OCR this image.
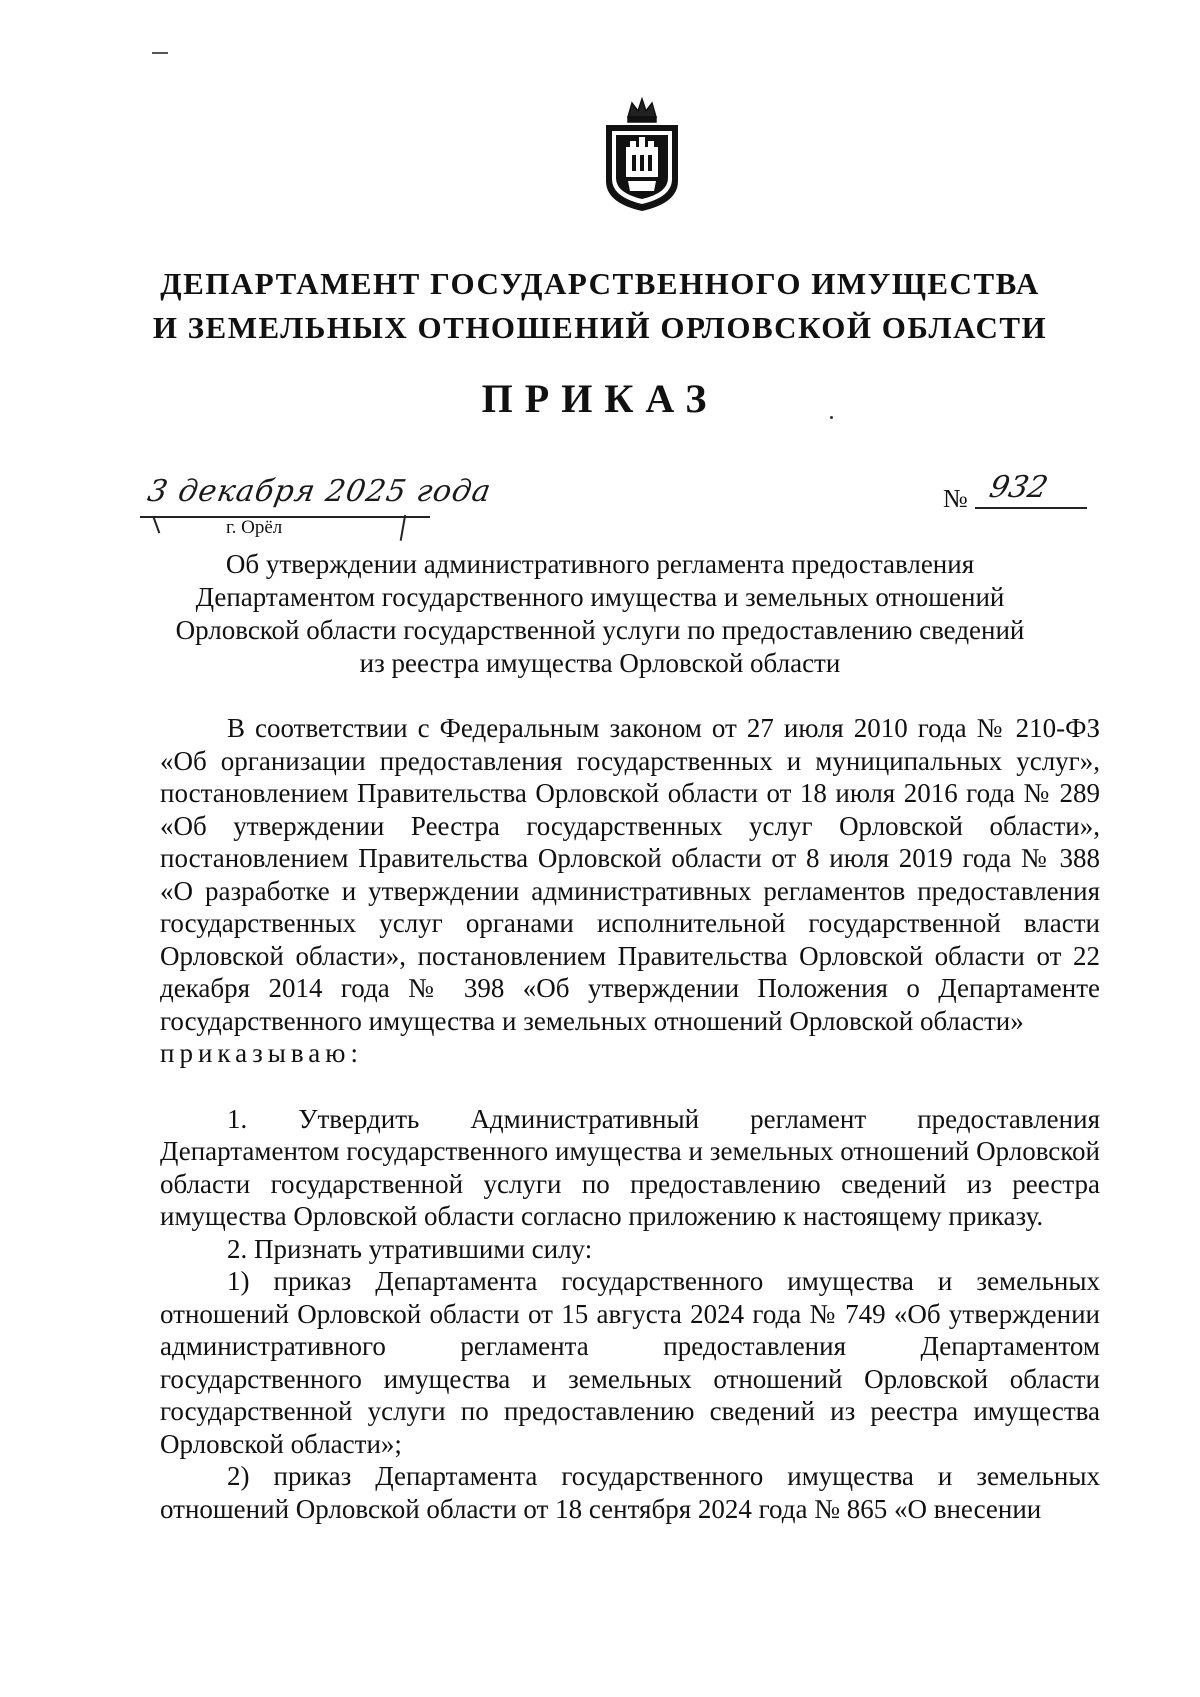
ДЕПАРТАМЕНТ ГОСУДАРСТВЕННОГО ИМУЩЕСТВА
И ЗЕМЕЛЬНЫХ ОТНОШЕНИЙ ОРЛОВСКОЙ ОБЛАСТИ
ПРИКАЗ
3 декабря 2025 года
г. Орёл
№ 932
Об утверждении административного регламента предоставления
Департаментом государственного имущества и земельных отношений
Орловской области государственной услуги по предоставлению сведений
из реестра имущества Орловской области

В соответствии с Федеральным законом от 27 июля 2010 года № 210-ФЗ «Об организации предоставления государственных и муниципальных услуг», постановлением Правительства Орловской области от 18 июля 2016 года № 289 «Об утверждении Реестра государственных услуг Орловской области», постановлением Правительства Орловской области от 8 июля 2019 года № 388 «О разработке и утверждении административных регламентов предоставления государственных услуг органами исполнительной государственной власти Орловской области», постановлением Правительства Орловской области от 22 декабря 2014 года № 398 «Об утверждении Положения о Департаменте государственного имущества и земельных отношений Орловской области»

приказываю:

1. Утвердить Административный регламент предоставления Департаментом государственного имущества и земельных отношений Орловской области государственной услуги по предоставлению сведений из реестра имущества Орловской области согласно приложению к настоящему приказу.

2. Признать утратившими силу:

1) приказ Департамента государственного имущества и земельных отношений Орловской области от 15 августа 2024 года № 749 «Об утверждении административного регламента предоставления Департаментом государственного имущества и земельных отношений Орловской области государственной услуги по предоставлению сведений из реестра имущества Орловской области»;

2) приказ Департамента государственного имущества и земельных отношений Орловской области от 18 сентября 2024 года № 865 «О внесении
